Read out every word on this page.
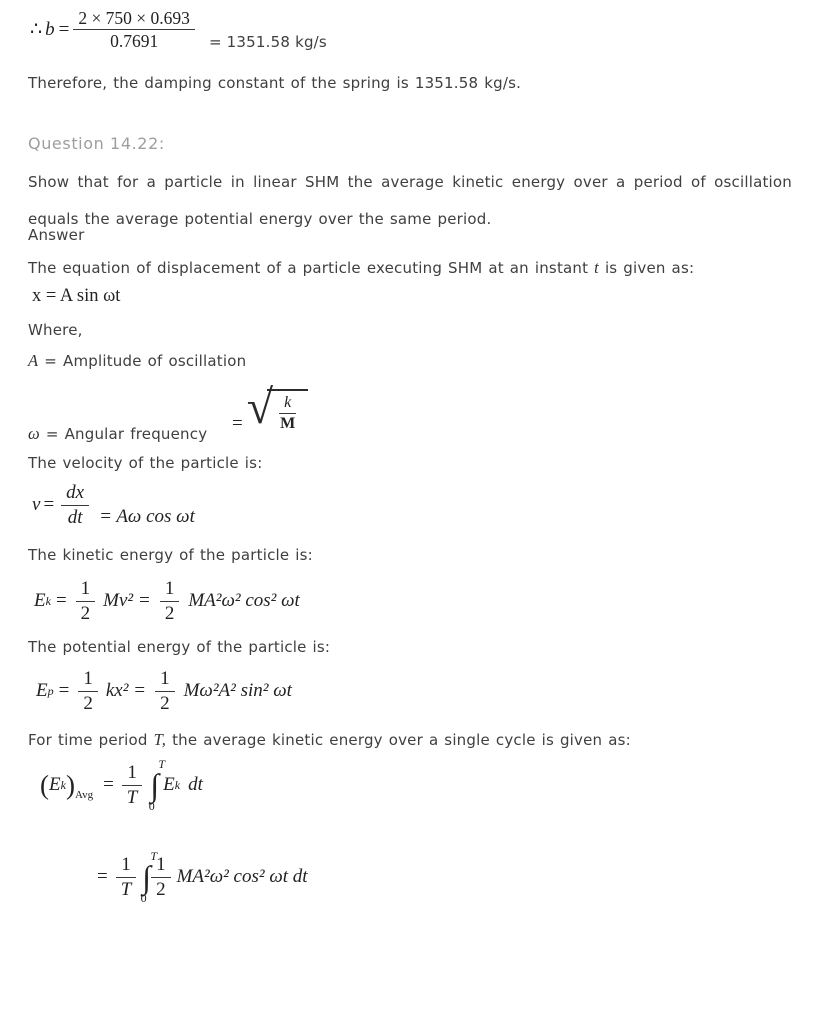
∴ $b = \frac{2 \times 750 \times 0.693}{0.7691} = 1351.58$ kg/s
Therefore, the damping constant of the spring is 1351.58 kg/s.
Question 14.22:
Show that for a particle in linear SHM the average kinetic energy over a period of oscillation equals the average potential energy over the same period.
Answer
The equation of displacement of a particle executing SHM at an instant t is given as:
x = A sin ωt
Where,
A = Amplitude of oscillation
ω = Angular frequency
= √ $\frac{k}{M}$
The velocity of the particle is:
$v = \frac{dx}{dt} = A\omega$ cos ωt
The kinetic energy of the particle is:
E $k = \frac{1}{2} Mv^2 = \frac{1}{2} MA^2\omega^2$ cos² ωt
The potential energy of the particle is:
E $p = \frac{1}{2} kx^2 = \frac{1}{2} M\omega^2A^2$ sin² ωt
For time period T, the average kinetic energy over a single cycle is given as:
( E k ) Avg = $\frac{1}{T}$ T
∫
0
E k dt
= $\frac{1}{T}$ T
∫
$0 \frac{1}{2} MA^2\omega^2$ cos² ωt dt
